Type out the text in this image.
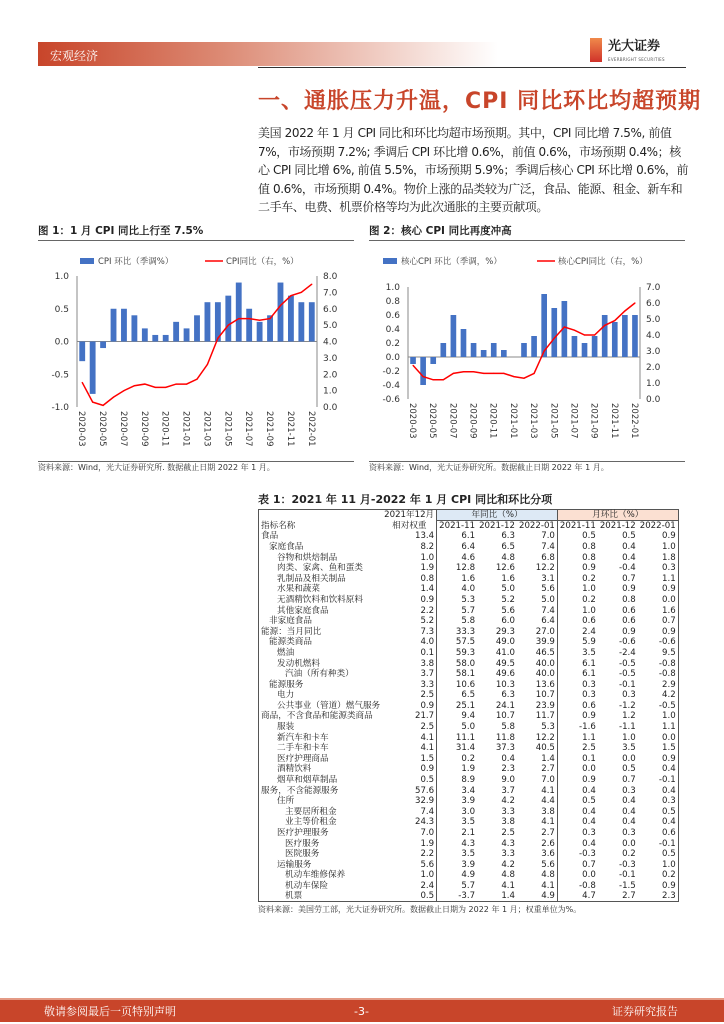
宏观经济
光大证券
EVERBRIGHT SECURITIES
一、通胀压力升温，CPI 同比环比均超预期
美国 2022 年 1 月 CPI 同比和环比均超市场预期。其中，CPI 同比增 7.5%, 前值 7%，市场预期 7.2%; 季调后 CPI 环比增 0.6%，前值 0.6%，市场预期 0.4%；核心 CPI 同比增 6%, 前值 5.5%，市场预期 5.9%；季调后核心 CPI 环比增 0.6%，前值 0.6%，市场预期 0.4%。物价上涨的品类较为广泛，食品、能源、租金、新车和二手车、电费、机票价格等均为此次通胀的主要贡献项。
图 1：1 月 CPI 同比上行至 7.5%
CPI 环比（季调%）	CPI同比（右，%）
1.0
0.5
0.0
-0.5
-1.0
8.0
7.0
6.0
5.0
4.0
3.0
2.0
1.0
0.0
2020-03 2020-05 2020-07 2020-09 2020-11 2021-01 2021-03 2021-05 2021-07 2021-09 2021-11 2022-01
资料来源：Wind，光大证券研究所. 数据截止日期 2022 年 1 月。
图 2：核心 CPI 同比再度冲高
核心CPI 环比（季调，%）	核心CPI同比（右，%）
1.0
0.8
0.6
0.4
0.2
0.0
-0.2
-0.4
-0.6
7.0
6.0
5.0
4.0
3.0
2.0
1.0
0.0
2020-03 2020-05 2020-07 2020-09 2020-11 2021-01 2021-03 2021-05 2021-07 2021-09 2021-11 2022-01
资料来源：Wind，光大证券研究所。数据截止日期 2022 年 1 月。
表 1：2021 年 11 月-2022 年 1 月 CPI 同比和环比分项
	2021年12月	年同比（%）			月环比（%）		
指标名称	相对权重	2021-11	2021-12	2022-01	2021-11	2021-12	2022-01
食品	13.4	6.1	6.3	7.0	0.5	0.5	0.9
家庭食品	8.2	6.4	6.5	7.4	0.8	0.4	1.0
谷物和烘焙制品	1.0	4.6	4.8	6.8	0.8	0.4	1.8
肉类、家禽、鱼和蛋类	1.9	12.8	12.6	12.2	0.9	-0.4	0.3
乳制品及相关制品	0.8	1.6	1.6	3.1	0.2	0.7	1.1
水果和蔬菜	1.4	4.0	5.0	5.6	1.0	0.9	0.9
无酒精饮料和饮料原料	0.9	5.3	5.2	5.0	0.2	0.8	0.0
其他家庭食品	2.2	5.7	5.6	7.4	1.0	0.6	1.6
非家庭食品	5.2	5.8	6.0	6.4	0.6	0.6	0.7
能源：当月同比	7.3	33.3	29.3	27.0	2.4	0.9	0.9
能源类商品	4.0	57.5	49.0	39.9	5.9	-0.6	-0.6
燃油	0.1	59.3	41.0	46.5	3.5	-2.4	9.5
发动机燃料	3.8	58.0	49.5	40.0	6.1	-0.5	-0.8
汽油（所有种类）	3.7	58.1	49.6	40.0	6.1	-0.5	-0.8
能源服务	3.3	10.6	10.3	13.6	0.3	-0.1	2.9
电力	2.5	6.5	6.3	10.7	0.3	0.3	4.2
公共事业（管道）燃气服务	0.9	25.1	24.1	23.9	0.6	-1.2	-0.5
商品，不含食品和能源类商品	21.7	9.4	10.7	11.7	0.9	1.2	1.0
服装	2.5	5.0	5.8	5.3	-1.6	-1.1	1.1
新汽车和卡车	4.1	11.1	11.8	12.2	1.1	1.0	0.0
二手车和卡车	4.1	31.4	37.3	40.5	2.5	3.5	1.5
医疗护理商品	1.5	0.2	0.4	1.4	0.1	0.0	0.9
酒精饮料	0.9	1.9	2.3	2.7	0.0	0.5	0.4
烟草和烟草制品	0.5	8.9	9.0	7.0	0.9	0.7	-0.1
服务，不含能源服务	57.6	3.4	3.7	4.1	0.4	0.3	0.4
住所	32.9	3.9	4.2	4.4	0.5	0.4	0.3
主要居所租金	7.4	3.0	3.3	3.8	0.4	0.4	0.5
业主等价租金	24.3	3.5	3.8	4.1	0.4	0.4	0.4
医疗护理服务	7.0	2.1	2.5	2.7	0.3	0.3	0.6
医疗服务	1.9	4.3	4.3	2.6	0.4	0.0	-0.1
医院服务	2.2	3.5	3.3	3.6	-0.3	0.2	0.5
运输服务	5.6	3.9	4.2	5.6	0.7	-0.3	1.0
机动车维修保养	1.0	4.9	4.8	4.8	0.0	-0.1	0.2
机动车保险	2.4	5.7	4.1	4.1	-0.8	-1.5	0.9
机票	0.5	-3.7	1.4	4.9	4.7	2.7	2.3
资料来源：美国劳工部，光大证券研究所。数据截止日期为 2022 年 1 月；权重单位为%。
敬请参阅最后一页特别声明	-3-	证券研究报告
